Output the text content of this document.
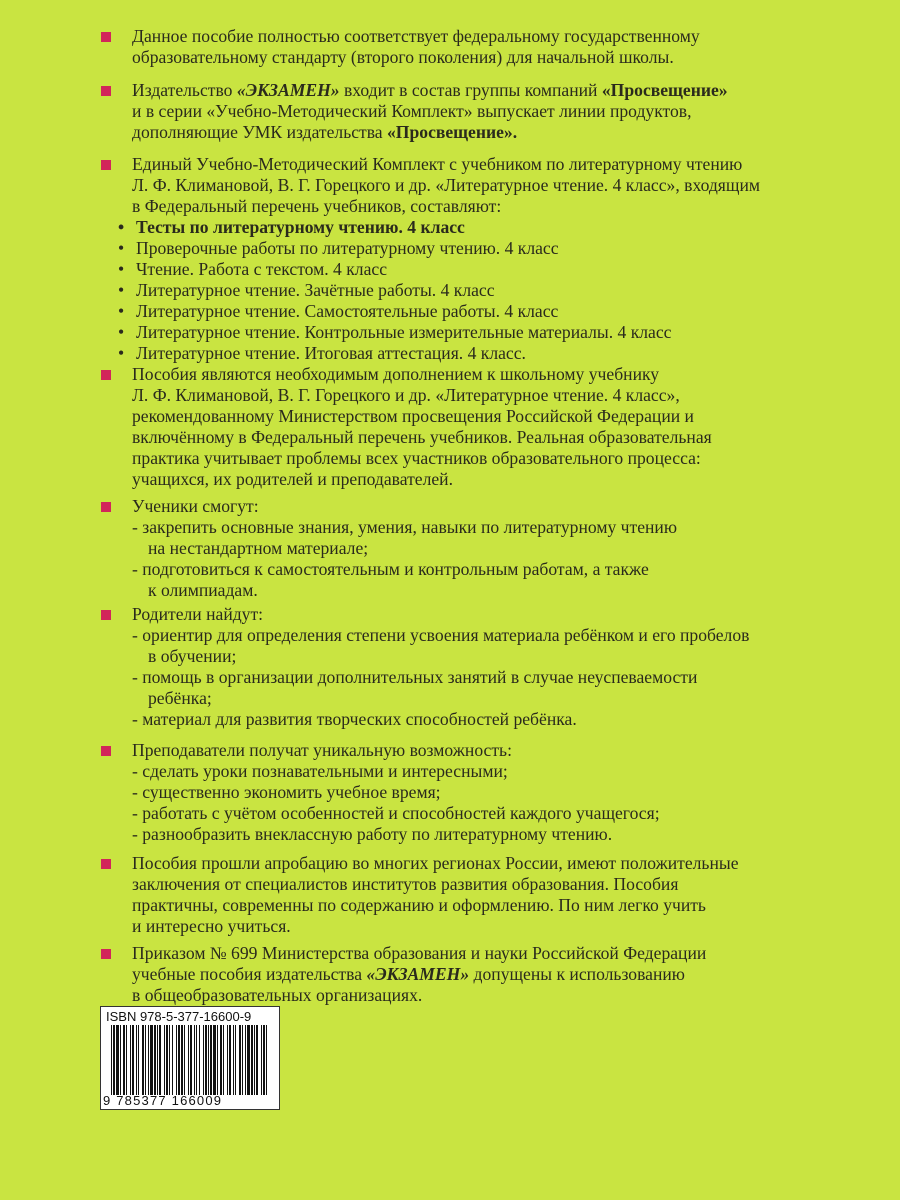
Данное пособие полностью соответствует федеральному государственному
образовательному стандарту (второго поколения) для начальной школы.
Издательство «ЭКЗАМЕН» входит в состав группы компаний «Просвещение»
и в серии «Учебно-Методический Комплект» выпускает линии продуктов,
дополняющие УМК издательства «Просвещение».
Единый Учебно-Методический Комплект с учебником по литературному чтению
Л. Ф. Климановой, В. Г. Горецкого и др. «Литературное чтение. 4 класс», входящим
в Федеральный перечень учебников, составляют:
• Тесты по литературному чтению. 4 класс
• Проверочные работы по литературному чтению. 4 класс
• Чтение. Работа с текстом. 4 класс
• Литературное чтение. Зачётные работы. 4 класс
• Литературное чтение. Самостоятельные работы. 4 класс
• Литературное чтение. Контрольные измерительные материалы. 4 класс
• Литературное чтение. Итоговая аттестация. 4 класс.
Пособия являются необходимым дополнением к школьному учебнику
Л. Ф. Климановой, В. Г. Горецкого и др. «Литературное чтение. 4 класс»,
рекомендованному Министерством просвещения Российской Федерации и
включённому в Федеральный перечень учебников. Реальная образовательная
практика учитывает проблемы всех участников образовательного процесса:
учащихся, их родителей и преподавателей.
Ученики смогут:
- закрепить основные знания, умения, навыки по литературному чтению
на нестандартном материале;
- подготовиться к самостоятельным и контрольным работам, а также
к олимпиадам.
Родители найдут:
- ориентир для определения степени усвоения материала ребёнком и его пробелов
в обучении;
- помощь в организации дополнительных занятий в случае неуспеваемости
ребёнка;
- материал для развития творческих способностей ребёнка.
Преподаватели получат уникальную возможность:
- сделать уроки познавательными и интересными;
- существенно экономить учебное время;
- работать с учётом особенностей и способностей каждого учащегося;
- разнообразить внеклассную работу по литературному чтению.
Пособия прошли апробацию во многих регионах России, имеют положительные
заключения от специалистов институтов развития образования. Пособия
практичны, современны по содержанию и оформлению. По ним легко учить
и интересно учиться.
Приказом № 699 Министерства образования и науки Российской Федерации
учебные пособия издательства «ЭКЗАМЕН» допущены к использованию
в общеобразовательных организациях.
ISBN 978-5-377-16600-9
9 785377 166009
